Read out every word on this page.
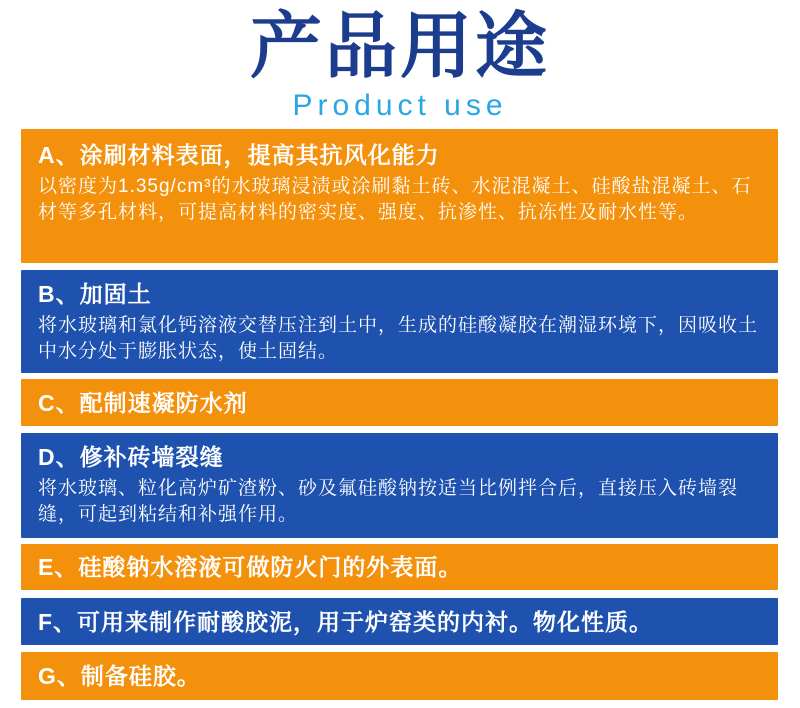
产品用途
Product use
A、涂刷材料表面，提高其抗风化能力

以密度为1.35g/cm³的水玻璃浸渍或涂刷黏土砖、水泥混凝土、硅酸盐混凝土、石材等多孔材料，可提高材料的密实度、强度、抗渗性、抗冻性及耐水性等。

B、加固土

将水玻璃和氯化钙溶液交替压注到土中，生成的硅酸凝胶在潮湿环境下，因吸收土中水分处于膨胀状态，使土固结。

C、配制速凝防水剂
D、修补砖墙裂缝

将水玻璃、粒化高炉矿渣粉、砂及氟硅酸钠按适当比例拌合后，直接压入砖墙裂缝，可起到粘结和补强作用。

E、硅酸钠水溶液可做防火门的外表面。
F、可用来制作耐酸胶泥，用于炉窑类的内衬。物化性质。
G、制备硅胶。
